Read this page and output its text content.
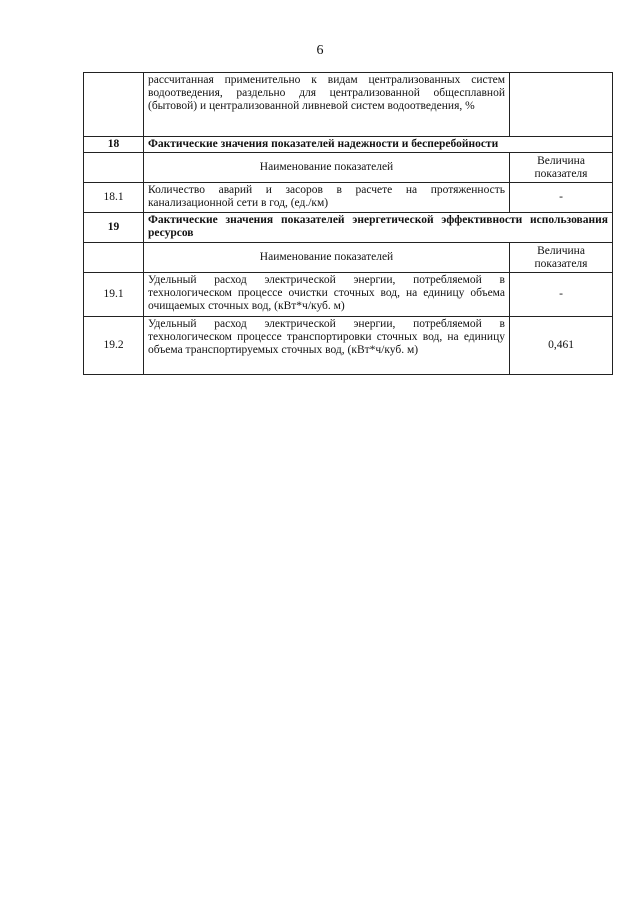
6
	рассчитанная применительно к видам централизованных систем водоотведения, раздельно для централизованной общесплавной (бытовой) и централизованной ливневой систем водоотведения, %	
18	Фактические значения показателей надежности и бесперебойности	
	Наименование показателей	Величина показателя
18.1	Количество аварий и засоров в расчете на протяженность канализационной сети в год, (ед./км)	-
19	Фактические значения показателей энергетической эффективности использования ресурсов	
	Наименование показателей	Величина показателя
19.1	Удельный расход электрической энергии, потребляемой в технологическом процессе очистки сточных вод, на единицу объема очищаемых сточных вод, (кВт*ч/куб. м)	-
19.2	Удельный расход электрической энергии, потребляемой в технологическом процессе транспортировки сточных вод, на единицу объема транспортируемых сточных вод, (кВт*ч/куб. м)	0,461
